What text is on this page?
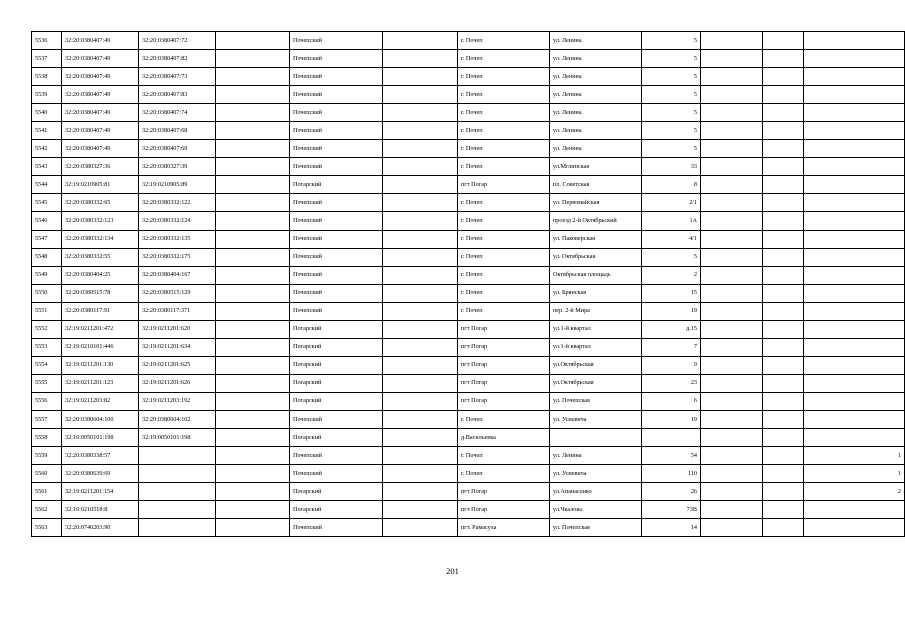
5536	32:20:0380407:49	32:20:0380407:72		Почепский		г. Почеп	ул. Ленина	5			
5537	32:20:0380407:49	32:20:0380407:82		Почепский		г. Почеп	ул. Ленина	5			
5538	32:20:0380407:49	32:20:0380407:73		Почепский		г. Почеп	ул. Ленина	5			
5539	32:20:0380407:49	32:20:0380407:83		Почепский		г. Почеп	ул. Ленина	5			
5540	32:20:0380407:49	32:20:0380407:74		Почепский		г. Почеп	ул. Ленина	5			
5541	32:20:0380407:49	32:20:0380407:68		Почепский		г. Почеп	ул. Ленина	5			
5542	32:20:0380407:49	32:20:0380407:69		Почепский		г. Почеп	ул. Ленина	5			
5543	32:20:0380327:36	32:20:0380327:39		Почепский		г. Почеп	ул.Мглинская	33			
5544	32:19:0210905:81	32:19:0210905:89		Погарский		пгт Погар	пл. Советская	8			
5545	32:20:0380332:65	32:20:0380332:122		Почепский		г. Почеп	ул. Первомайская	2/1			
5546	32:20:0380332:123	32:20:0380332:124		Почепский		г. Почеп	проезд 2-й Октябрьский	1А			
5547	32:20:0380332:134	32:20:0380332:135		Почепский		г. Почеп	ул. Паковерская	4/1			
5548	32:20:0380332:55	32:20:0380332:175		Почепский		г. Почеп	ул. Октябрьская	5			
5549	32:20:0380404:25	32:20:0380404:167		Почепский		г. Почеп	Октябрьская площадь	2			
5550	32:20:0380515:78	32:20:0380515:129		Почепский		г. Почеп	ул. Брянская	15			
5551	32:20:0380117:91	32:20:0380117:371		Почепский		г. Почеп	пер. 2-й Мира	19			
5552	32:19:0211201:472	32:19:0211201:620		Погарский		пгт Погар	ул.1-й квартал	д.15			
5553	32:19:0210101:446	32:19:0211201:634		Погарский		пгт Погар	ул.1-й квартал	7			
5554	32:19:0211201:130	32:19:0211201:625		Погарский		пгт Погар	ул.Октябрьская	9			
5555	32:19:0211201:123	32:19:0211201:626		Погарский		пгт Погар	ул.Октябрьская	23			
5556	32:19:0211203:82	32:19:0211203:192		Погарский		пгт Погар	ул. Почепская	6			
5557	32:20:0380604:100	32:20:0380604:102		Почепский		г. Почеп	ул. Усиевича	19			
5558	32:19:0050101:198	32:19:0050101:198		Погарский		д.Васильевка					
5559	32:20:0380338:57			Почепский		г. Почеп	ул. Ленина	54			1
5560	32:20:0380639:69			Почепский		г. Почеп	ул. Усиевича	110			1
5561	32:19:0211201:154			Погарский		пгт Погар	ул.Апанасенко	26			2
5562	32:19:0210518:8			Погарский		пгт Погар	ул.Чкалова	73В			
5563	32:20:0740203:90			Почепский		пгт. Рамасуха	ул. Почепская	14			
201
